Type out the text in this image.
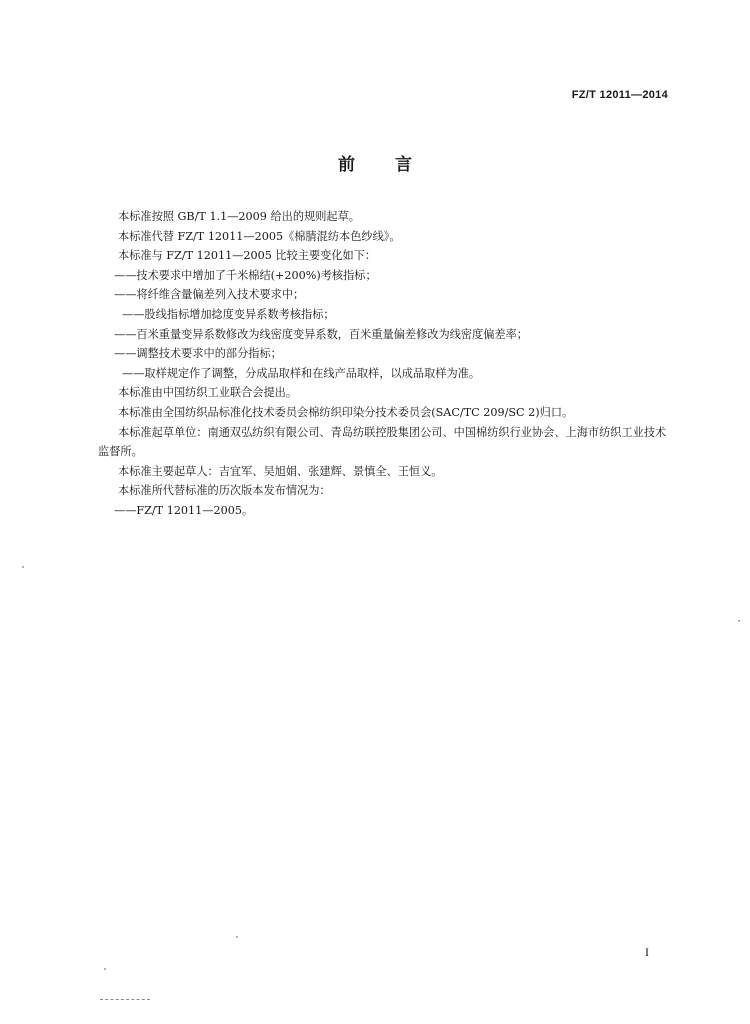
FZ/T 12011—2014
前言

本标准按照 GB/T 1.1—2009 给出的规则起草。

本标准代替 FZ/T 12011—2005《棉腈混纺本色纱线》。

本标准与 FZ/T 12011—2005 比较主要变化如下：

——技术要求中增加了千米棉结(+200%)考核指标；

——将纤维含量偏差列入技术要求中；

——股线指标增加捻度变异系数考核指标；

——百米重量变异系数修改为线密度变异系数，百米重量偏差修改为线密度偏差率；

——调整技术要求中的部分指标；

——取样规定作了调整，分成品取样和在线产品取样，以成品取样为准。

本标准由中国纺织工业联合会提出。

本标准由全国纺织品标准化技术委员会棉纺织印染分技术委员会(SAC/TC 209/SC 2)归口。

本标准起草单位：南通双弘纺织有限公司、青岛纺联控股集团公司、中国棉纺织行业协会、上海市纺织工业技术监督所。

本标准主要起草人：吉宜军、吴旭娟、张建辉、景慎全、王恒义。

本标准所代替标准的历次版本发布情况为：

——FZ/T 12011—2005。

I
